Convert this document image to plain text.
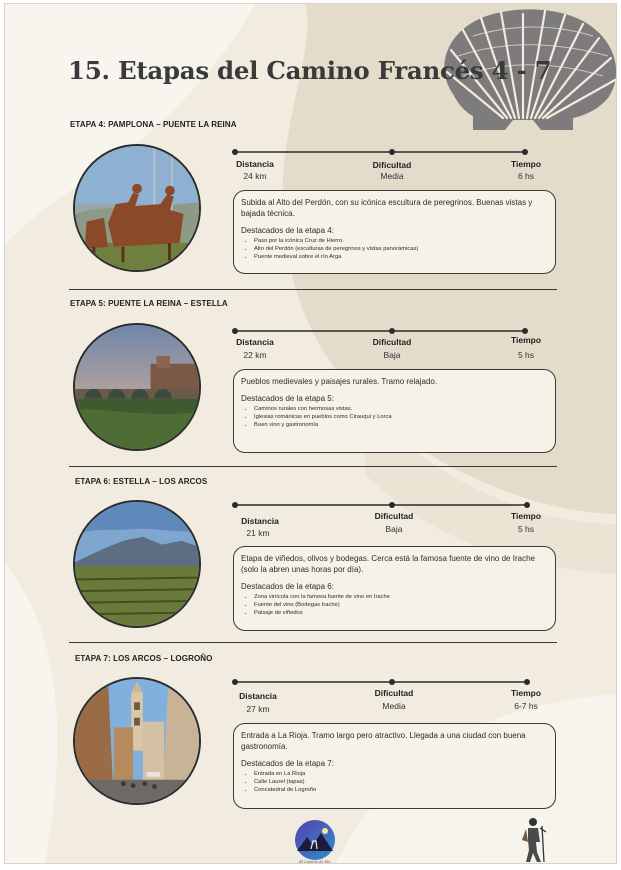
15. Etapas del Camino Francés 4 - 7
ETAPA 4: PAMPLONA – PUENTE LA REINA
Distancia	Dificultad	Tiempo
24 km	Media	6 hs

Subida al Alto del Perdón, con su icónica escultura de peregrinos. Buenas vistas y bajada técnica.

Destacados de la etapa 4:

• Paso por la icónica Cruz de Hierro.
• Alto del Perdón (esculturas de peregrinos y vistas panorámicas)
• Puente medieval sobre el río Arga
ETAPA 5: PUENTE LA REINA – ESTELLA
Distancia	Dificultad	Tiempo
22 km	Baja	5 hs

Pueblos medievales y paisajes rurales. Tramo relajado.

Destacados de la etapa 5:

• Caminos rurales con hermosas vistas.
• Iglesias románicas en pueblos como Cirauqui y Lorca
• Buen vino y gastronomía
ETAPA 6: ESTELLA – LOS ARCOS
Distancia	Dificultad	Tiempo
21 km	Baja	5 hs

Etapa de viñedos, olivos y bodegas. Cerca está la famosa fuente de vino de Irache (solo la abren unas horas por día).

Destacados de la etapa 6:

• Zona vinícola con la famosa fuente de vino en Irache
• Fuente del vino (Bodegas Irache)
• Paisaje de viñedos
ETAPA 7: LOS ARCOS – LOGROÑO
Distancia	Dificultad	Tiempo
27 km	Media	6-7 hs

Entrada a La Rioja. Tramo largo pero atractivo. Llegada a una ciudad con buena gastronomía.

Destacados de la etapa 7:

• Entrada en La Rioja
• Calle Laurel (tapas)
• Concatedral de Logroño
El Camino de Fer
